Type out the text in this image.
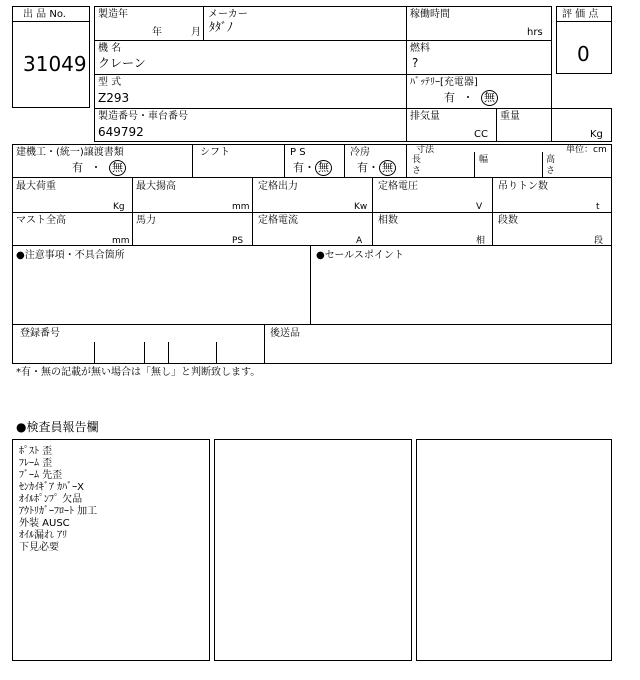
出 品 No.
31049
評 価 点
0
製造年
年	月
メーカー
ﾀﾀﾞﾉ
稼働時間
hrs
機 名
クレーン
燃料
?
型 式
Z293
ﾊﾞｯﾃﾘｰ[充電器]
有 ・ 無
製造番号・車台番号
649792
排気量
CC
重量
Kg
建機工・(統一)譲渡書類
有 ・ 無
シフト	P S
有・ 無
冷房
有・ 無
寸法	単位：cm
長
さ
幅	高
さ
最大荷重
Kg
最大揚高
mm
定格出力
Kw
定格電圧
V
吊りトン数
t
マスト全高
mm
馬力
PS
定格電流
A
相数
相
段数
段
●注意事項・不具合箇所	●セールスポイント
登録番号	後送品
*有・無の記載が無い場合は「無し」と判断致します。
●検査員報告欄
ﾎﾟｽﾄ 歪
ﾌﾚｰﾑ 歪
ﾌﾞｰﾑ 先歪
ｾﾝｶｲｷﾞｱ ｶﾊﾞｰX
ｵｲﾙﾎﾟﾝﾌﾟ 欠品
ｱｳﾄﾘｶﾞｰﾌﾛｰﾄ 加工
外装 AUSC
ｵｲﾙ漏れ ｱﾘ
下見必要
